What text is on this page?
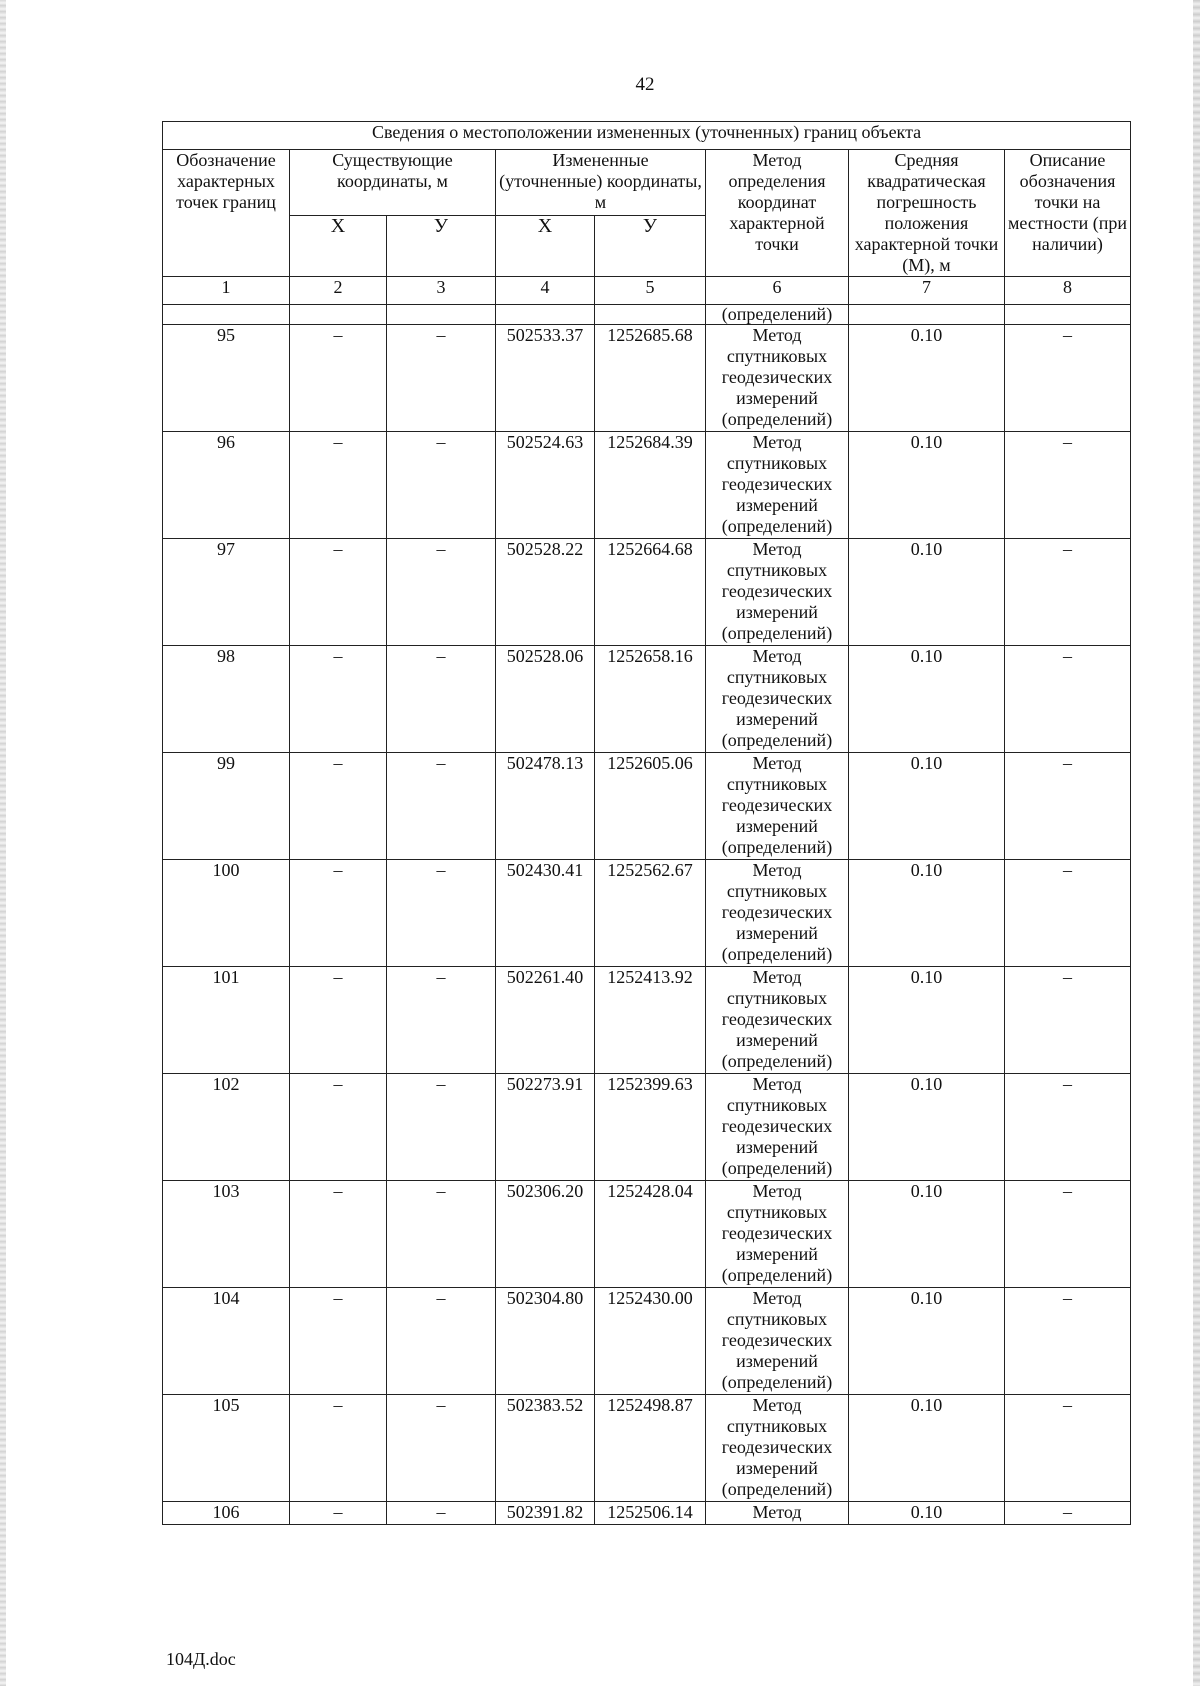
42
Сведения о местоположении измененных (уточненных) границ объекта							
Обозначение характерных точек границ	Существующие координаты, м		Измененные (уточненные) координаты, м		Метод определения координат характерной точки	Средняя квадратическая погрешность положения характерной точки (М), м	Описание обозначения точки на местности (при наличии)
	Х	У	Х	У			
1	2	3	4	5	6	7	8
					(определений)		
95	–	–	502533.37	1252685.68	Метод спутниковых геодезических измерений (определений)	0.10	–
96	–	–	502524.63	1252684.39	Метод спутниковых геодезических измерений (определений)	0.10	–
97	–	–	502528.22	1252664.68	Метод спутниковых геодезических измерений (определений)	0.10	–
98	–	–	502528.06	1252658.16	Метод спутниковых геодезических измерений (определений)	0.10	–
99	–	–	502478.13	1252605.06	Метод спутниковых геодезических измерений (определений)	0.10	–
100	–	–	502430.41	1252562.67	Метод спутниковых геодезических измерений (определений)	0.10	–
101	–	–	502261.40	1252413.92	Метод спутниковых геодезических измерений (определений)	0.10	–
102	–	–	502273.91	1252399.63	Метод спутниковых геодезических измерений (определений)	0.10	–
103	–	–	502306.20	1252428.04	Метод спутниковых геодезических измерений (определений)	0.10	–
104	–	–	502304.80	1252430.00	Метод спутниковых геодезических измерений (определений)	0.10	–
105	–	–	502383.52	1252498.87	Метод спутниковых геодезических измерений (определений)	0.10	–
106	–	–	502391.82	1252506.14	Метод	0.10	–
104Д.doc
